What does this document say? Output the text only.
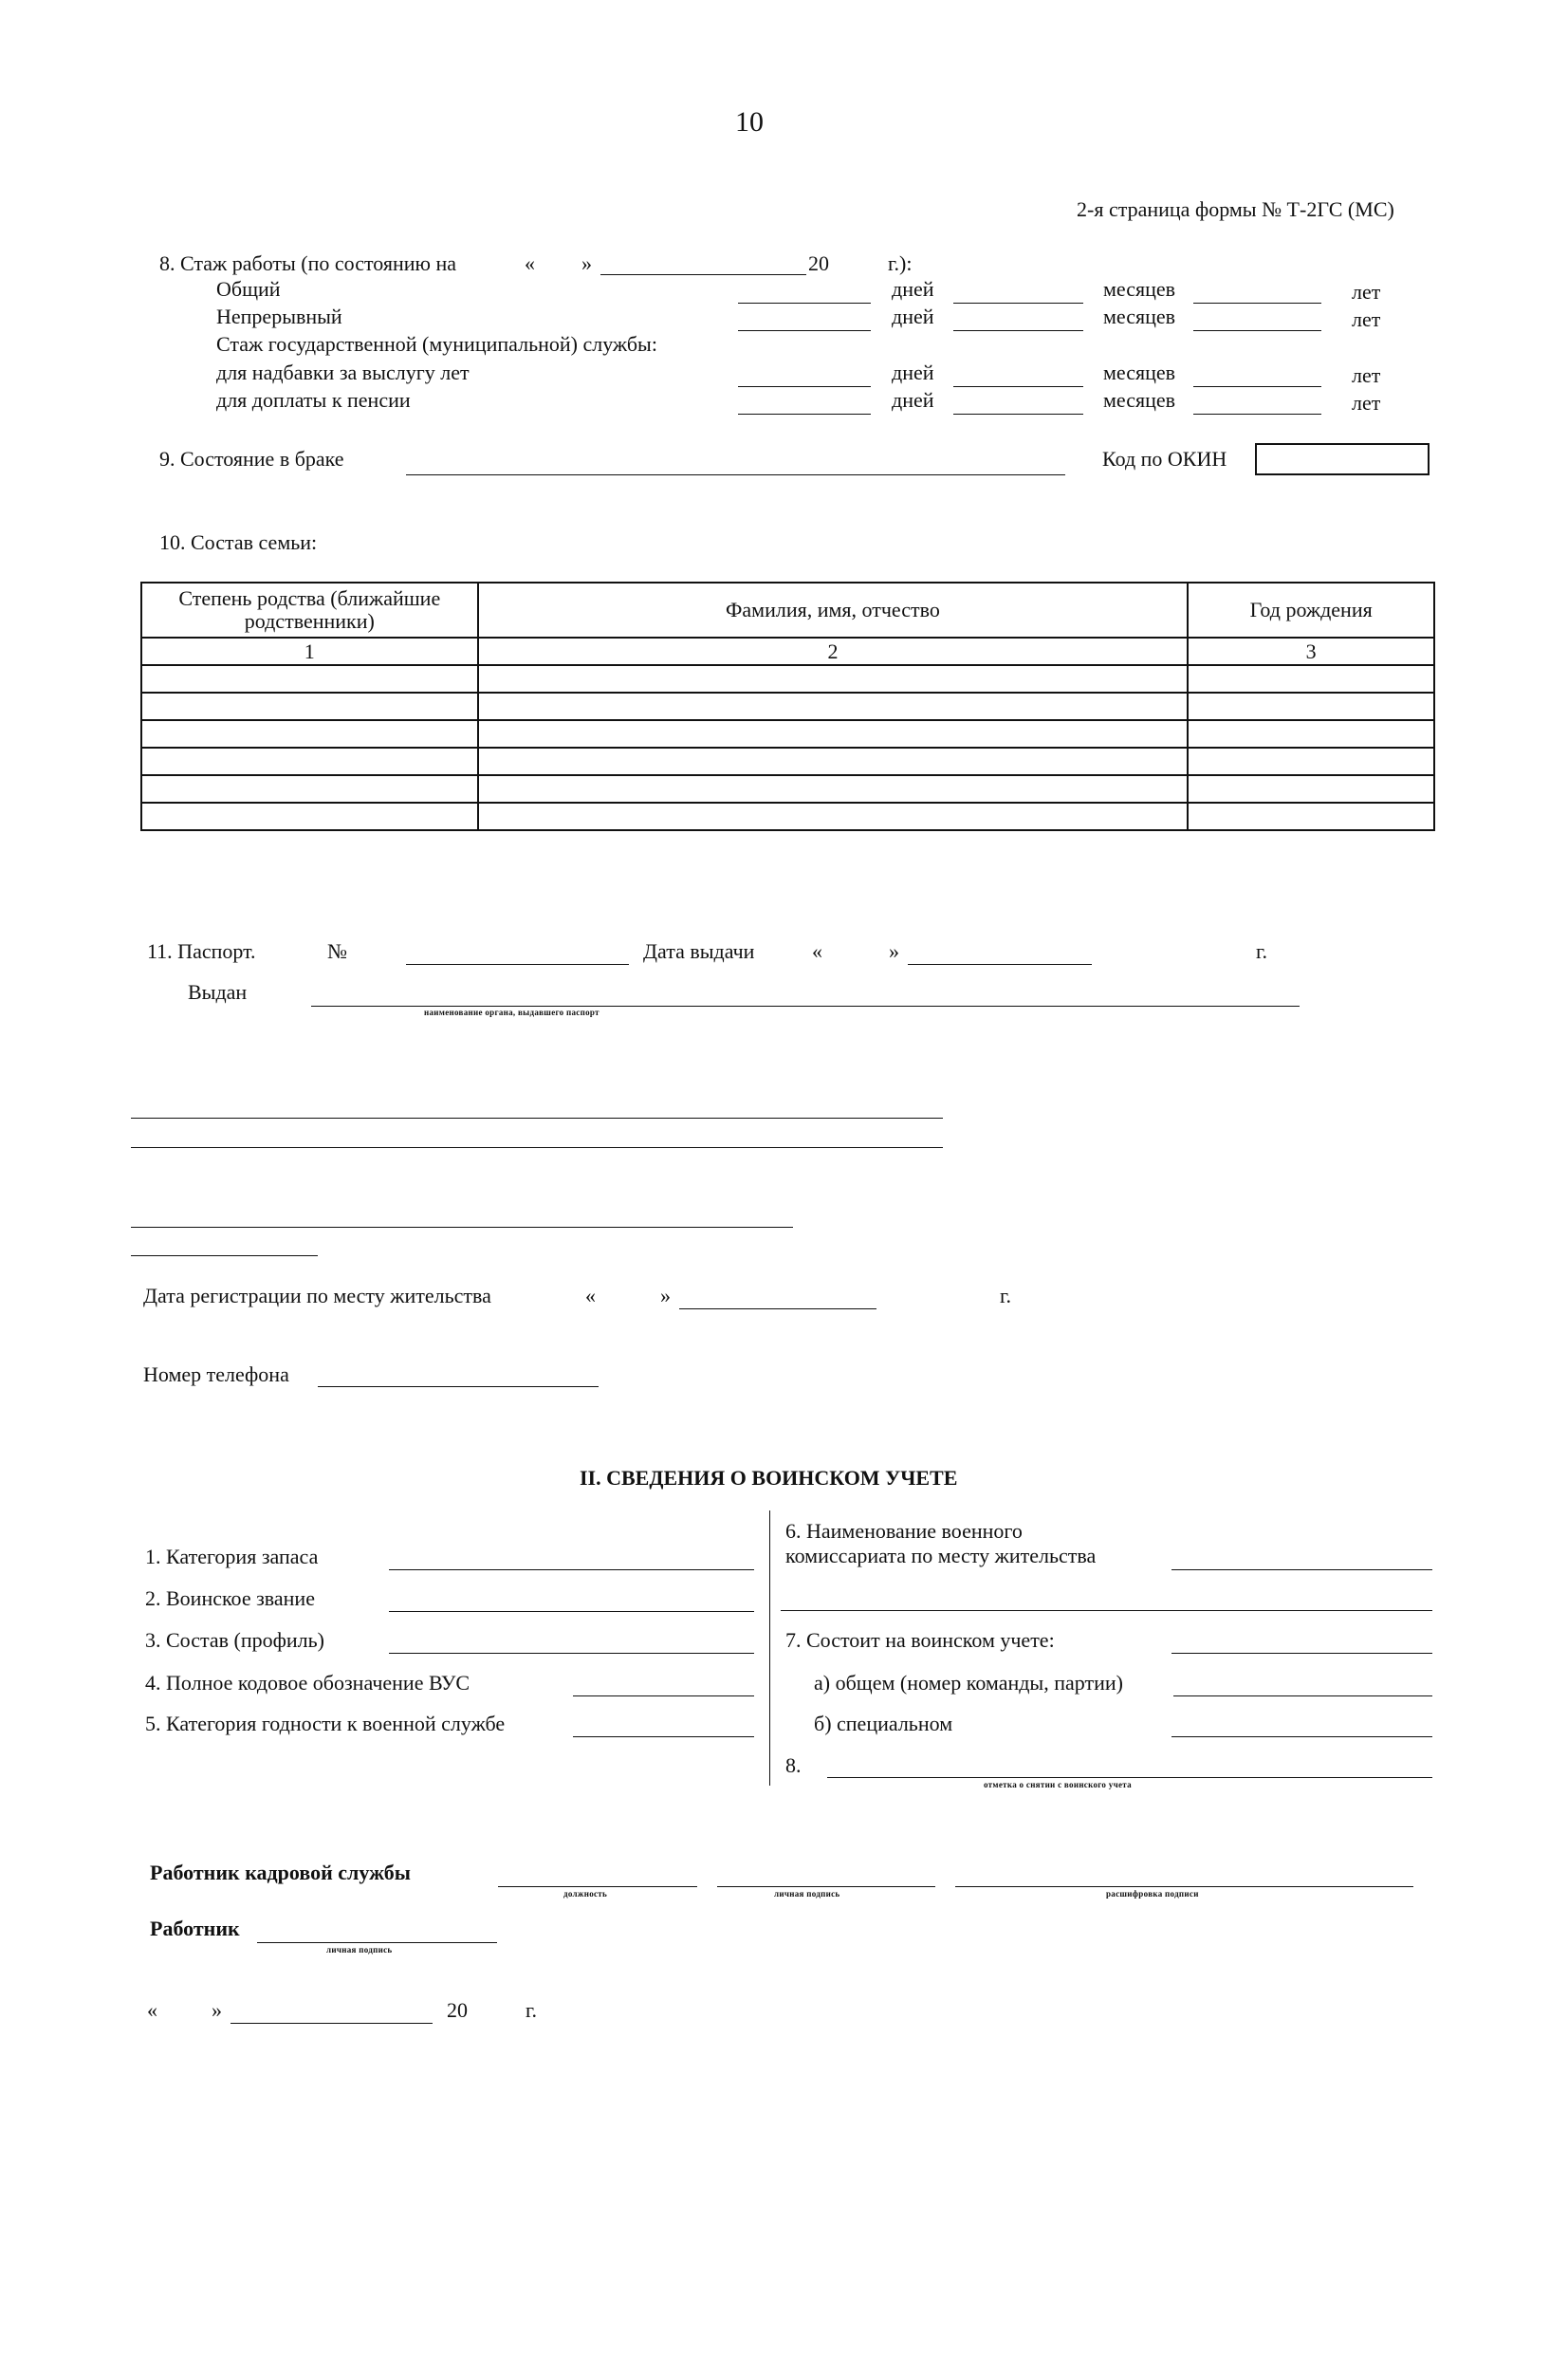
10
2-я страница формы № Т-2ГС (МС)
8. Стаж работы (по состоянию на	« »	20	г.):
Общий	дней	месяцев	лет
Непрерывный	дней	месяцев	лет
Стаж государственной (муниципальной) службы:
для надбавки за выслугу лет	дней	месяцев	лет
для доплаты к пенсии	дней	месяцев	лет
9. Состояние в браке	Код по ОКИН
10. Состав семьи:
Степень родства (ближайшие родственники)	Фамилия, имя, отчество	Год рождения
1	2	3

11. Паспорт.	№	Дата выдачи	«	»	г.
Выдан
наименование органа, выдавшего паспорт
Дата регистрации по месту жительства	«	»	г.
Номер телефона
II. СВЕДЕНИЯ О ВОИНСКОМ УЧЕТЕ
1. Категория запаса
2. Воинское звание
3. Состав (профиль)
4. Полное кодовое обозначение ВУС
5. Категория годности к военной службе
6. Наименование военного
комиссариата по месту жительства
7. Состоит на воинском учете:
а) общем (номер команды, партии)
б) специальном
8.
отметка о снятии с воинского учета
Работник кадровой службы
должность	личная подпись	расшифровка подписи
Работник
личная подпись
«	»	20	г.
